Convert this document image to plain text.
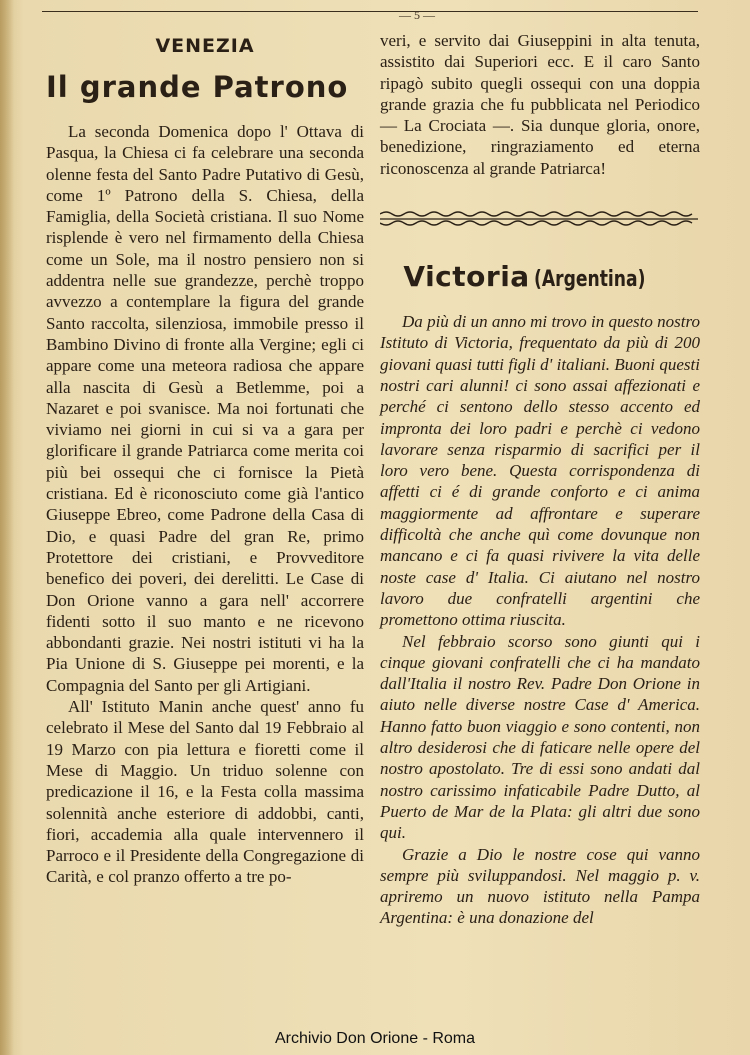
— 5 —
VENEZIA
Il grande Patrono

La seconda Domenica dopo l' Ottava di Pasqua, la Chiesa ci fa celebrare una seconda olenne festa del Santo Padre Putativo di Gesù, come 1º Patrono della S. Chiesa, della Famiglia, della Società cristiana. Il suo Nome risplende è vero nel firmamento della Chiesa come un Sole, ma il nostro pensiero non si addentra nelle sue grandezze, perchè troppo avvezzo a contemplare la figura del grande Santo raccolta, silenziosa, immobile presso il Bambino Divino di fronte alla Vergine; egli ci appare come una meteora radiosa che appare alla nascita di Gesù a Betlemme, poi a Nazaret e poi svanisce. Ma noi fortunati che viviamo nei giorni in cui si va a gara per glorificare il grande Patriarca come merita coi più bei ossequi che ci fornisce la Pietà cristiana. Ed è riconosciuto come già l'antico Giuseppe Ebreo, come Padrone della Casa di Dio, e quasi Padre del gran Re, primo Protettore dei cristiani, e Provveditore benefico dei poveri, dei derelitti. Le Case di Don Orione vanno a gara nell' accorrere fidenti sotto il suo manto e ne ricevono abbondanti grazie. Nei nostri istituti vi ha la Pia Unione di S. Giuseppe pei morenti, e la Compagnia del Santo per gli Artigiani.

All' Istituto Manin anche quest' anno fu celebrato il Mese del Santo dal 19 Febbraio al 19 Marzo con pia lettura e fioretti come il Mese di Maggio. Un triduo solenne con predicazione il 16, e la Festa colla massima solennità anche esteriore di addobbi, canti, fiori, accademia alla quale intervennero il Parroco e il Presidente della Congregazione di Carità, e col pranzo offerto a tre po-

veri, e servito dai Giuseppini in alta tenuta, assistito dai Superiori ecc. E il caro Santo ripagò subito quegli ossequi con una doppia grande grazia che fu pubblicata nel Periodico — La Crociata —. Sia dunque gloria, onore, benedizione, ringraziamento ed eterna riconoscenza al grande Patriarca!

Victoria (Argentina)

Da più di un anno mi trovo in questo nostro Istituto di Victoria, frequentato da più di 200 giovani quasi tutti figli d' italiani. Buoni questi nostri cari alunni! ci sono assai affezionati e perché ci sentono dello stesso accento ed impronta dei loro padri e perchè ci vedono lavorare senza risparmio di sacrifici per il loro vero bene. Questa corrispondenza di affetti ci é di grande conforto e ci anima maggiormente ad affrontare e superare difficoltà che anche quì come dovunque non mancano e ci fa quasi rivivere la vita delle noste case d' Italia. Ci aiutano nel nostro lavoro due confratelli argentini che promettono ottima riuscita.

Nel febbraio scorso sono giunti qui i cinque giovani confratelli che ci ha mandato dall'Italia il nostro Rev. Padre Don Orione in aiuto nelle diverse nostre Case d' America. Hanno fatto buon viaggio e sono contenti, non altro desiderosi che di faticare nelle opere del nostro apostolato. Tre di essi sono andati dal nostro carissimo infaticabile Padre Dutto, al Puerto de Mar de la Plata: gli altri due sono qui.

Grazie a Dio le nostre cose qui vanno sempre più sviluppandosi. Nel maggio p. v. apriremo un nuovo istituto nella Pampa Argentina: è una donazione del

Archivio Don Orione - Roma
